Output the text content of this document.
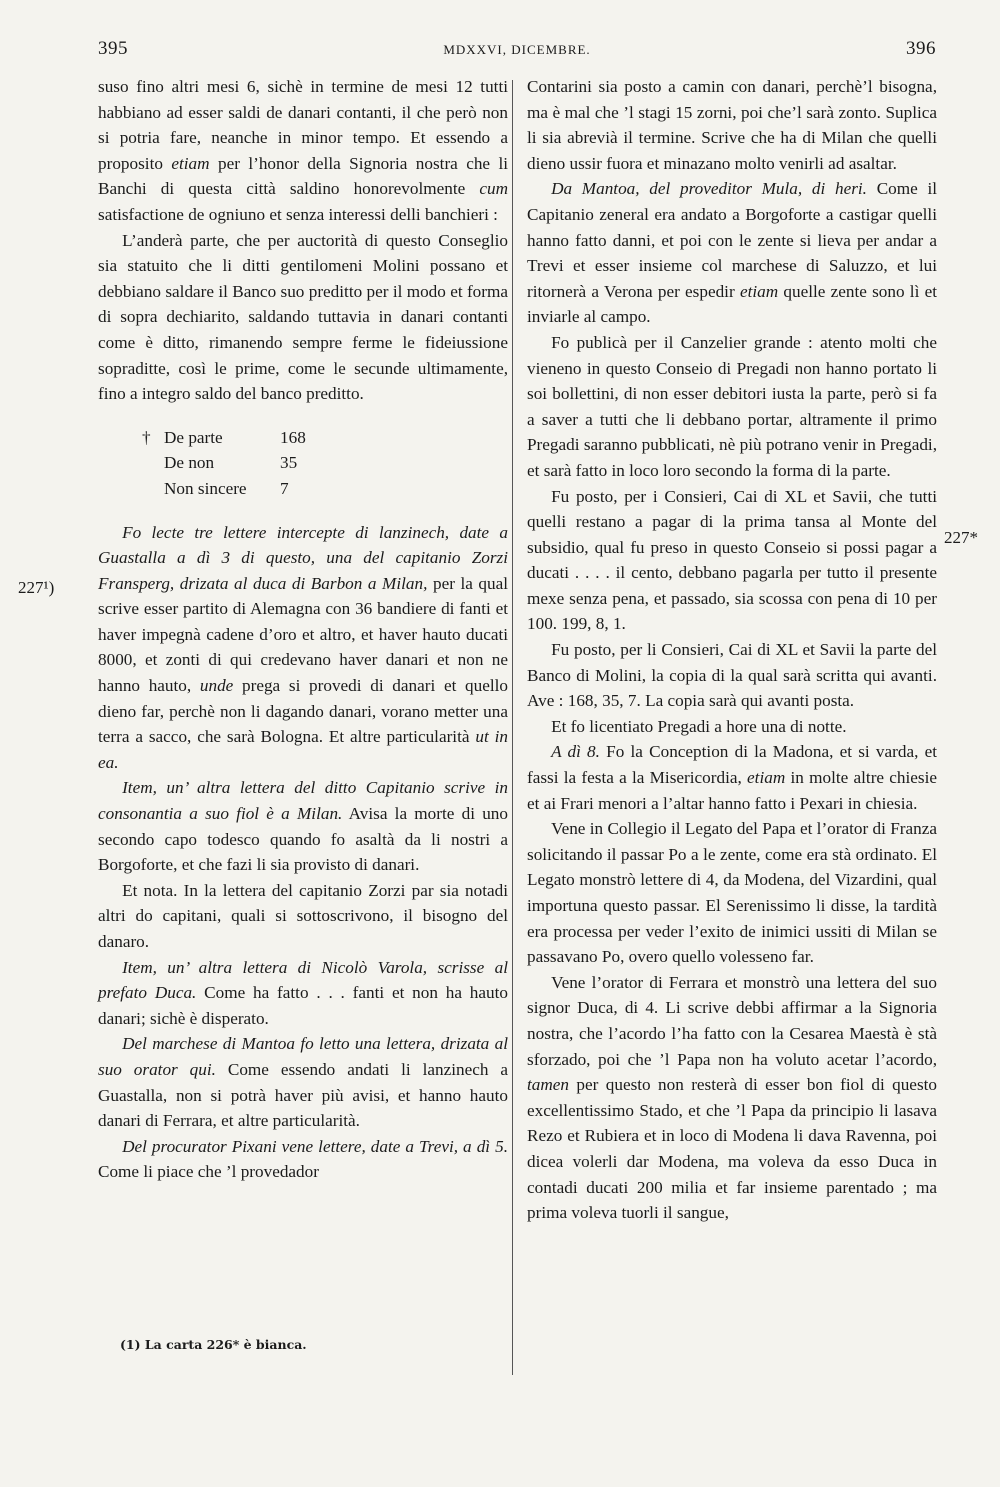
395	MDXXVI, DICEMBRE.	396

suso fino altri mesi 6, sichè in termine de mesi 12 tutti habbiano ad esser saldi de danari contanti, il che però non si potria fare, neanche in minor tempo. Et essendo a proposito etiam per l’honor della Signoria nostra che li Banchi di questa città saldino honorevolmente cum satisfactione de ogniuno et senza interessi delli banchieri :

L’anderà parte, che per auctorità di questo Conseglio sia statuito che li ditti gentilomeni Molini possano et debbiano saldare il Banco suo preditto per il modo et forma di sopra dechiarito, saldando tuttavia in danari contanti come è ditto, rimanendo sempre ferme le fideiussione sopraditte, così le prime, come le secunde ultimamente, fino a integro saldo del banco preditto.

†	De parte	168
	De non	35
	Non sincere	7

Fo lecte tre lettere intercepte di lanzinech, date a Guastalla a dì 3 di questo, una del capitanio Zorzi Fransperg, drizata al duca di Barbon a Milan, per la qual scrive esser partito di Alemagna con 36 bandiere di fanti et haver impegnà cadene d’oro et altro, et haver hauto ducati 8000, et zonti di qui credevano haver danari et non ne hanno hauto, unde prega si provedi di danari et quello dieno far, perchè non li dagando danari, vorano metter una terra a sacco, che sarà Bologna. Et altre particularità ut in ea.

Item, un’ altra lettera del ditto Capitanio scrive in consonantia a suo fiol è a Milan. Avisa la morte di uno secondo capo todesco quando fo asaltà da li nostri a Borgoforte, et che fazi li sia provisto di danari.

Et nota. In la lettera del capitanio Zorzi par sia notadi altri do capitani, quali si sottoscrivono, il bisogno del danaro.

Item, un’ altra lettera di Nicolò Varola, scrisse al prefato Duca. Come ha fatto . . . fanti et non ha hauto danari; sichè è disperato.

Del marchese di Mantoa fo letto una lettera, drizata al suo orator qui. Come essendo andati li lanzinech a Guastalla, non si potrà haver più avisi, et hanno hauto danari di Ferrara, et altre particularità.

Del procurator Pixani vene lettere, date a Trevi, a dì 5. Come li piace che ’l provedador

227¹)
227*

Contarini sia posto a camin con danari, perchè’l bisogna, ma è mal che ’l stagi 15 zorni, poi che’l sarà zonto. Suplica li sia abrevià il termine. Scrive che ha di Milan che quelli dieno ussir fuora et minazano molto venirli ad asaltar.

Da Mantoa, del proveditor Mula, di heri. Come il Capitanio zeneral era andato a Borgoforte a castigar quelli hanno fatto danni, et poi con le zente si lieva per andar a Trevi et esser insieme col marchese di Saluzzo, et lui ritornerà a Verona per espedir etiam quelle zente sono lì et inviarle al campo.

Fo publicà per il Canzelier grande : atento molti che vieneno in questo Conseio di Pregadi non hanno portato li soi bollettini, di non esser debitori iusta la parte, però si fa a saver a tutti che li debbano portar, altramente il primo Pregadi saranno pubblicati, nè più potrano venir in Pregadi, et sarà fatto in loco loro secondo la forma di la parte.

Fu posto, per i Consieri, Cai di XL et Savii, che tutti quelli restano a pagar di la prima tansa al Monte del subsidio, qual fu preso in questo Conseio si possi pagar a ducati . . . . il cento, debbano pagarla per tutto il presente mexe senza pena, et passado, sia scossa con pena di 10 per 100. 199, 8, 1.

Fu posto, per li Consieri, Cai di XL et Savii la parte del Banco di Molini, la copia di la qual sarà scritta qui avanti. Ave : 168, 35, 7. La copia sarà qui avanti posta.

Et fo licentiato Pregadi a hore una di notte.

A dì 8. Fo la Conception di la Madona, et si varda, et fassi la festa a la Misericordia, etiam in molte altre chiesie et ai Frari menori a l’altar hanno fatto i Pexari in chiesia.

Vene in Collegio il Legato del Papa et l’orator di Franza solicitando il passar Po a le zente, come era stà ordinato. El Legato monstrò lettere di 4, da Modena, del Vizardini, qual importuna questo passar. El Serenissimo li disse, la tardità era processa per veder l’exito de inimici ussiti di Milan se passavano Po, overo quello volesseno far.

Vene l’orator di Ferrara et monstrò una lettera del suo signor Duca, di 4. Li scrive debbi affirmar a la Signoria nostra, che l’acordo l’ha fatto con la Cesarea Maestà è stà sforzado, poi che ’l Papa non ha voluto acetar l’acordo, tamen per questo non resterà di esser bon fiol di questo excellentissimo Stado, et che ’l Papa da principio li lasava Rezo et Rubiera et in loco di Modena li dava Ravenna, poi dicea volerli dar Modena, ma voleva da esso Duca in contadi ducati 200 milia et far insieme parentado ; ma prima voleva tuorli il sangue,

(1) La carta 226* è bianca.
